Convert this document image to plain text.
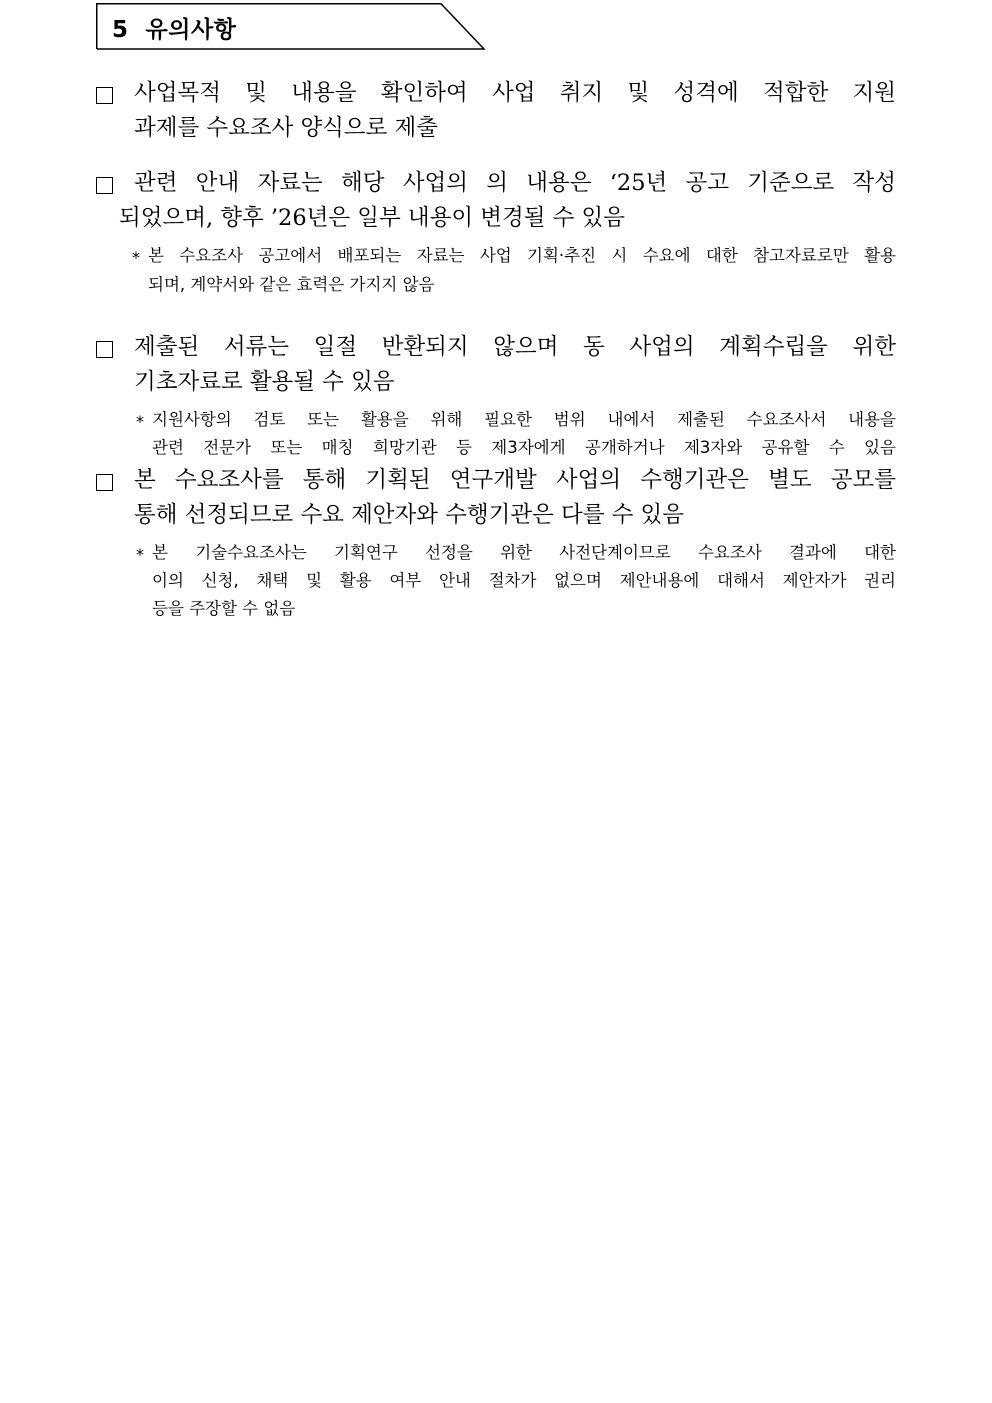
5 유의사항
사업목적 및 내용을 확인하여 사업 취지 및 성격에 적합한 지원
과제를 수요조사 양식으로 제출
관련 안내 자료는 해당 사업의 의 내용은 ‘25년 공고 기준으로 작성
되었으며, 향후 ’26년은 일부 내용이 변경될 수 있음
* 본 수요조사 공고에서 배포되는 자료는 사업 기획·추진 시 수요에 대한 참고자료로만 활용
되며, 계약서와 같은 효력은 가지지 않음
제출된 서류는 일절 반환되지 않으며 동 사업의 계획수립을 위한
기초자료로 활용될 수 있음
* 지원사항의 검토 또는 활용을 위해 필요한 범위 내에서 제출된 수요조사서 내용을
관련 전문가 또는 매칭 희망기관 등 제3자에게 공개하거나 제3자와 공유할 수 있음
본 수요조사를 통해 기획된 연구개발 사업의 수행기관은 별도 공모를
통해 선정되므로 수요 제안자와 수행기관은 다를 수 있음
* 본 기술수요조사는 기획연구 선정을 위한 사전단계이므로 수요조사 결과에 대한
이의 신청, 채택 및 활용 여부 안내 절차가 없으며 제안내용에 대해서 제안자가 권리
등을 주장할 수 없음
